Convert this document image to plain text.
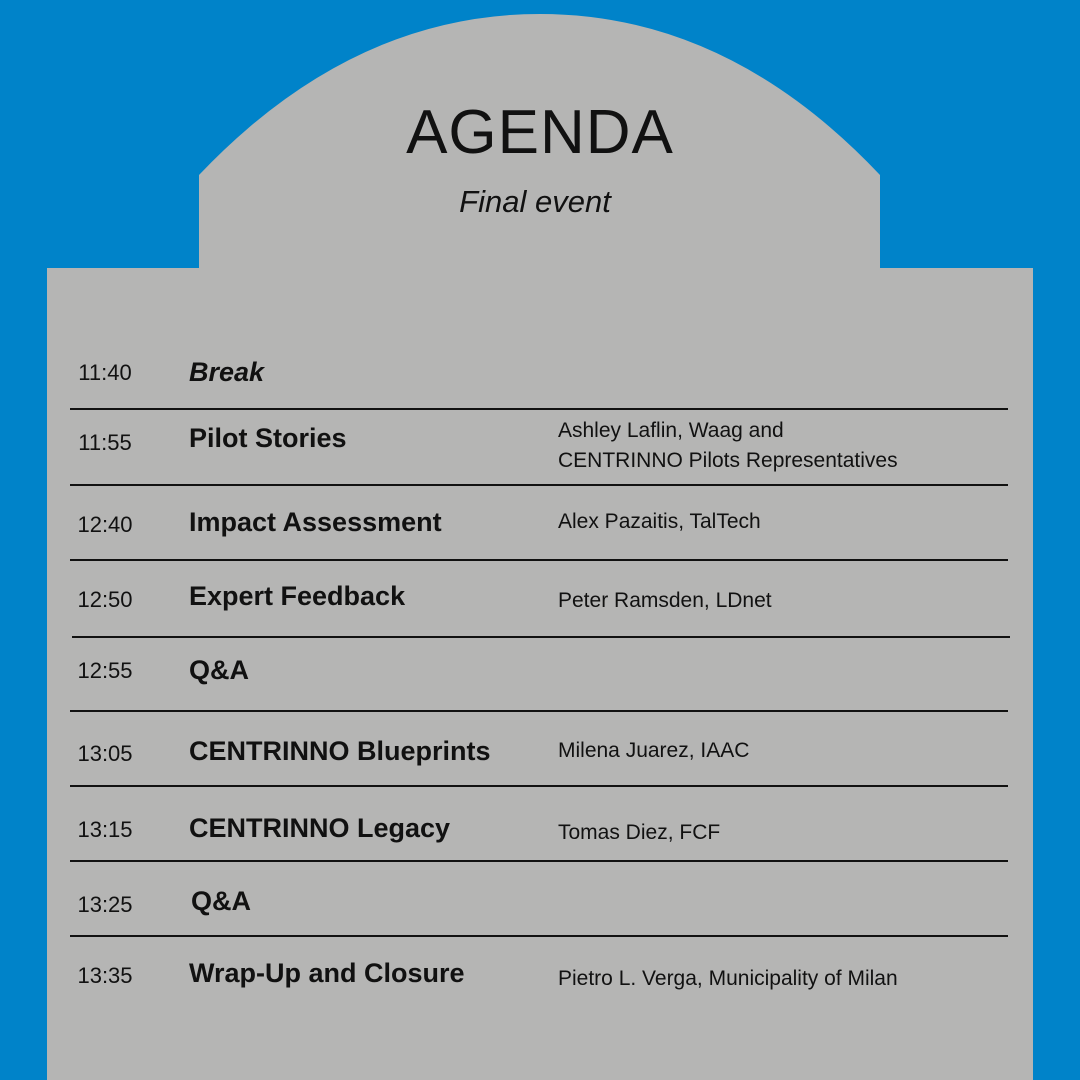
AGENDA
Final event
11:40	Break
11:55	Pilot Stories	Ashley Laflin, Waag and
CENTRINNO Pilots Representatives
12:40 Impact Assessment	Alex Pazaitis, TalTech
12:50 Expert Feedback	Peter Ramsden, LDnet
12:55 Q&A
13:05 CENTRINNO Blueprints	Milena Juarez, IAAC
13:15 CENTRINNO Legacy	Tomas Diez, FCF
13:25 Q&A
13:35 Wrap-Up and Closure	Pietro L. Verga, Municipality of Milan
